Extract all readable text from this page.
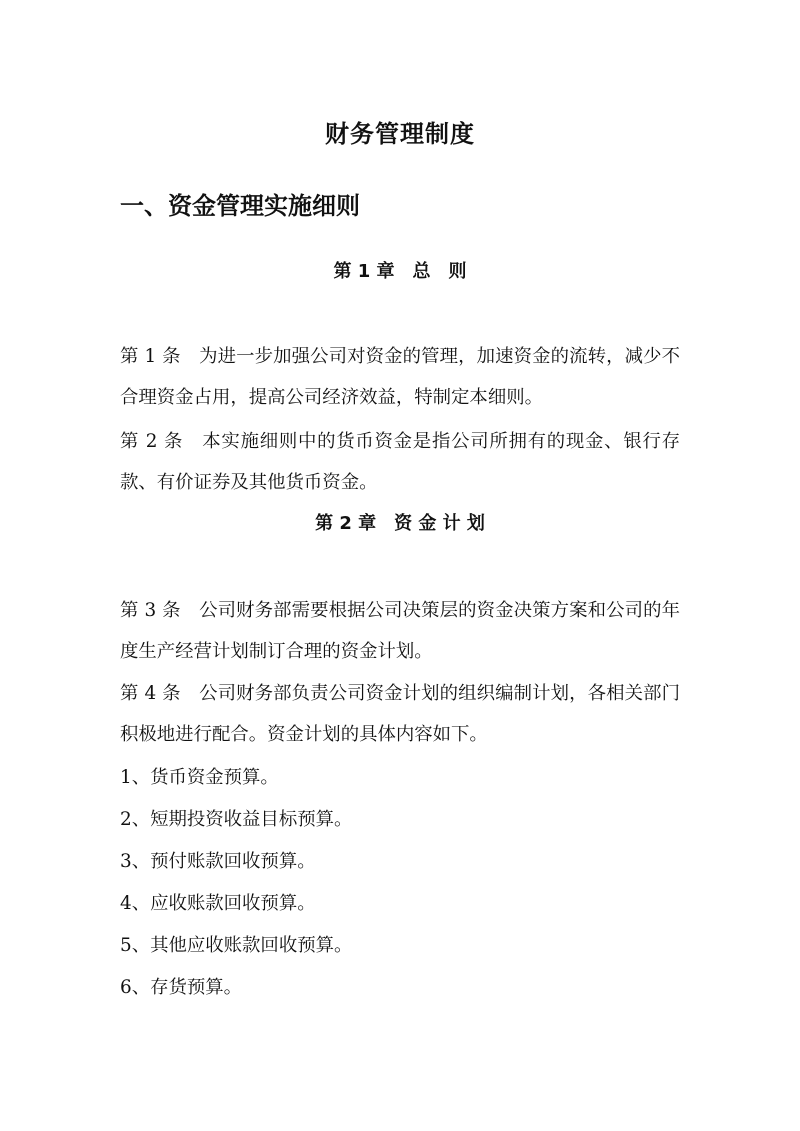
财务管理制度
一、资金管理实施细则
第 1 章　总　则

第 1 条　为进一步加强公司对资金的管理，加速资金的流转，减少不合理资金占用，提高公司经济效益，特制定本细则。

第 2 条　本实施细则中的货币资金是指公司所拥有的现金、银行存款、有价证券及其他货币资金。

第 2 章　资 金 计 划

第 3 条　公司财务部需要根据公司决策层的资金决策方案和公司的年度生产经营计划制订合理的资金计划。

第 4 条　公司财务部负责公司资金计划的组织编制计划，各相关部门积极地进行配合。资金计划的具体内容如下。

1、货币资金预算。
2、短期投资收益目标预算。
3、预付账款回收预算。
4、应收账款回收预算。
5、其他应收账款回收预算。
6、存货预算。
